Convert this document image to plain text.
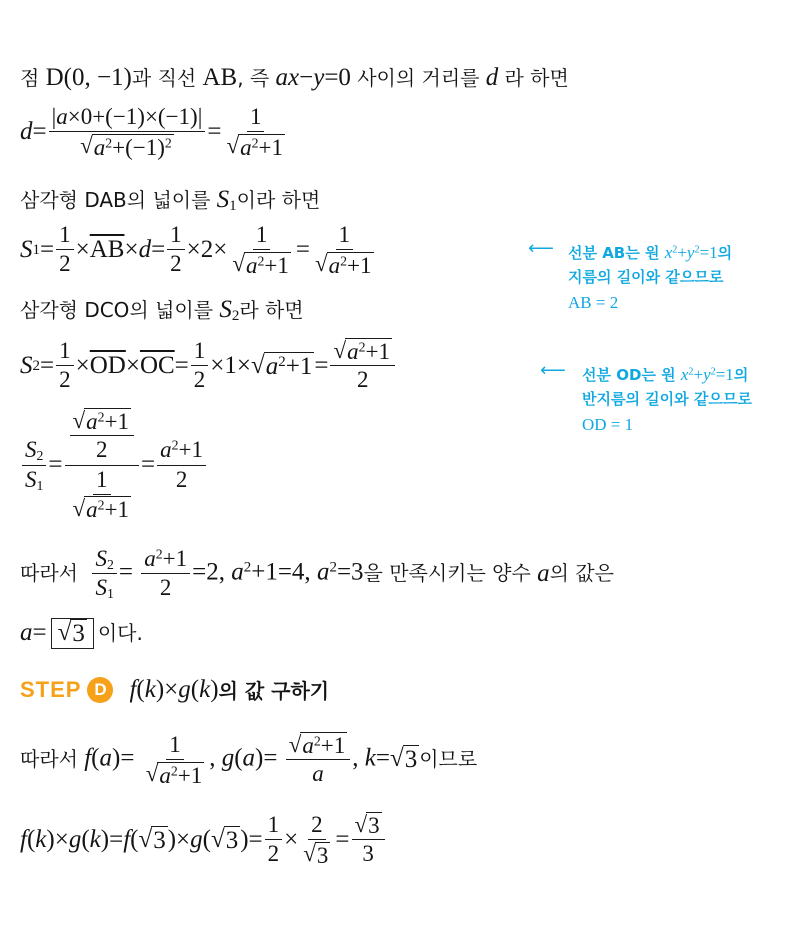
점 D(0, −1) 과 직선 AB , 즉 ax−y=0 사이의 거리를 d 라 하면
$d = \frac{|a\times 0+(-1)\times(-1)|}{√ a^2+(-1)^2} = \frac{1}{√ a^2+1}$
삼각형 DAB의 넓이를 $S_1$ 이라 하면
S $1 = \frac{1}{2} \times \overline{AB} \times d = \frac{1}{2} \times 2\times \frac{1}{√ a^2+1} = \frac{1}{√ a^2+1}$	⟵ 선분 AB는 원 $x^2+y^2=1$의
지름의 길이와 같으므로
AB = 2
삼각형 DCO의 넓이를 $S_2$ 라 하면
S $2 = \frac{1}{2} \times \overline{OD} \times \overline{OC} = \frac{1}{2} \times 1\times$ √ $a^2+1 = \frac{√ a^2+1}{2}$	⟵ 선분 OD는 원 $x^2+y^2=1$의
반지름의 길이와 같으므로
OD = 1
$\frac{S_2}{S_1} = \frac{\frac{√ a^2+1}{2}}{\frac{1}{√ a^2+1}} = \frac{a^2+1}{2}$
따라서
$\frac{S_2}{S_1} = \frac{a^2+1}{2} =2$, $a^2+1=4$, $a^2=3$ 을 만족시키는 양수 a 의 값은
a= √ 3 이다.
STEP D f(k)×g(k) 의 값 구하기
따라서 $f(a)= \frac{1}{√ a^2+1}$ , $g(a)= \frac{√ a^2+1}{a}$ , k= √ 3 이므로
f ( k )× g ( k )= f ( √ 3 )× g ( √ 3 )= $\frac{1}{2} \times \frac{2}{√ 3} = \frac{√ 3}{3}$
